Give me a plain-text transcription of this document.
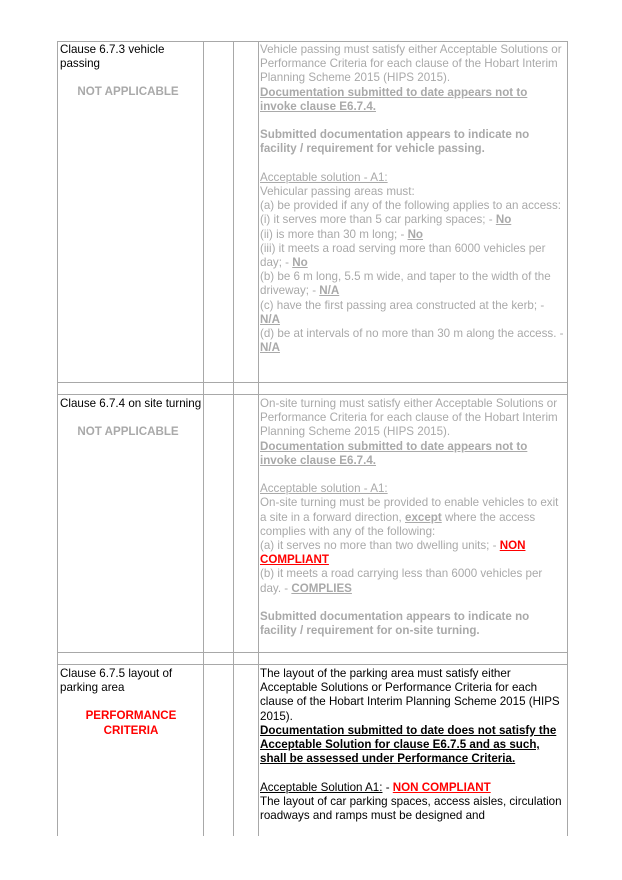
Clause 6.7.3 vehicle passing

NOT APPLICABLE

Vehicle passing must satisfy either Acceptable Solutions or Performance Criteria for each clause of the Hobart Interim Planning Scheme 2015 (HIPS 2015).

Documentation submitted to date appears not to invoke clause E6.7.4.

Submitted documentation appears to indicate no facility / requirement for vehicle passing.

Acceptable solution - A1:

Vehicular passing areas must:

(a) be provided if any of the following applies to an access:

(i) it serves more than 5 car parking spaces; - No

(ii) is more than 30 m long; - No

(iii) it meets a road serving more than 6000 vehicles per day; - No

(b) be 6 m long, 5.5 m wide, and taper to the width of the driveway; - N/A

(c) have the first passing area constructed at the kerb; - N/A

(d) be at intervals of no more than 30 m along the access. - N/A

Clause 6.7.4 on site turning

NOT APPLICABLE

On-site turning must satisfy either Acceptable Solutions or Performance Criteria for each clause of the Hobart Interim Planning Scheme 2015 (HIPS 2015).

Documentation submitted to date appears not to invoke clause E6.7.4.

Acceptable solution - A1:

On-site turning must be provided to enable vehicles to exit a site in a forward direction, except where the access complies with any of the following:

(a) it serves no more than two dwelling units; - NON COMPLIANT

(b) it meets a road carrying less than 6000 vehicles per day. - COMPLIES

Submitted documentation appears to indicate no facility / requirement for on-site turning.

Clause 6.7.5 layout of parking area

PERFORMANCE CRITERIA

The layout of the parking area must satisfy either Acceptable Solutions or Performance Criteria for each clause of the Hobart Interim Planning Scheme 2015 (HIPS 2015).

Documentation submitted to date does not satisfy the Acceptable Solution for clause E6.7.5 and as such, shall be assessed under Performance Criteria.

Acceptable Solution A1: - NON COMPLIANT

The layout of car parking spaces, access aisles, circulation roadways and ramps must be designed and
